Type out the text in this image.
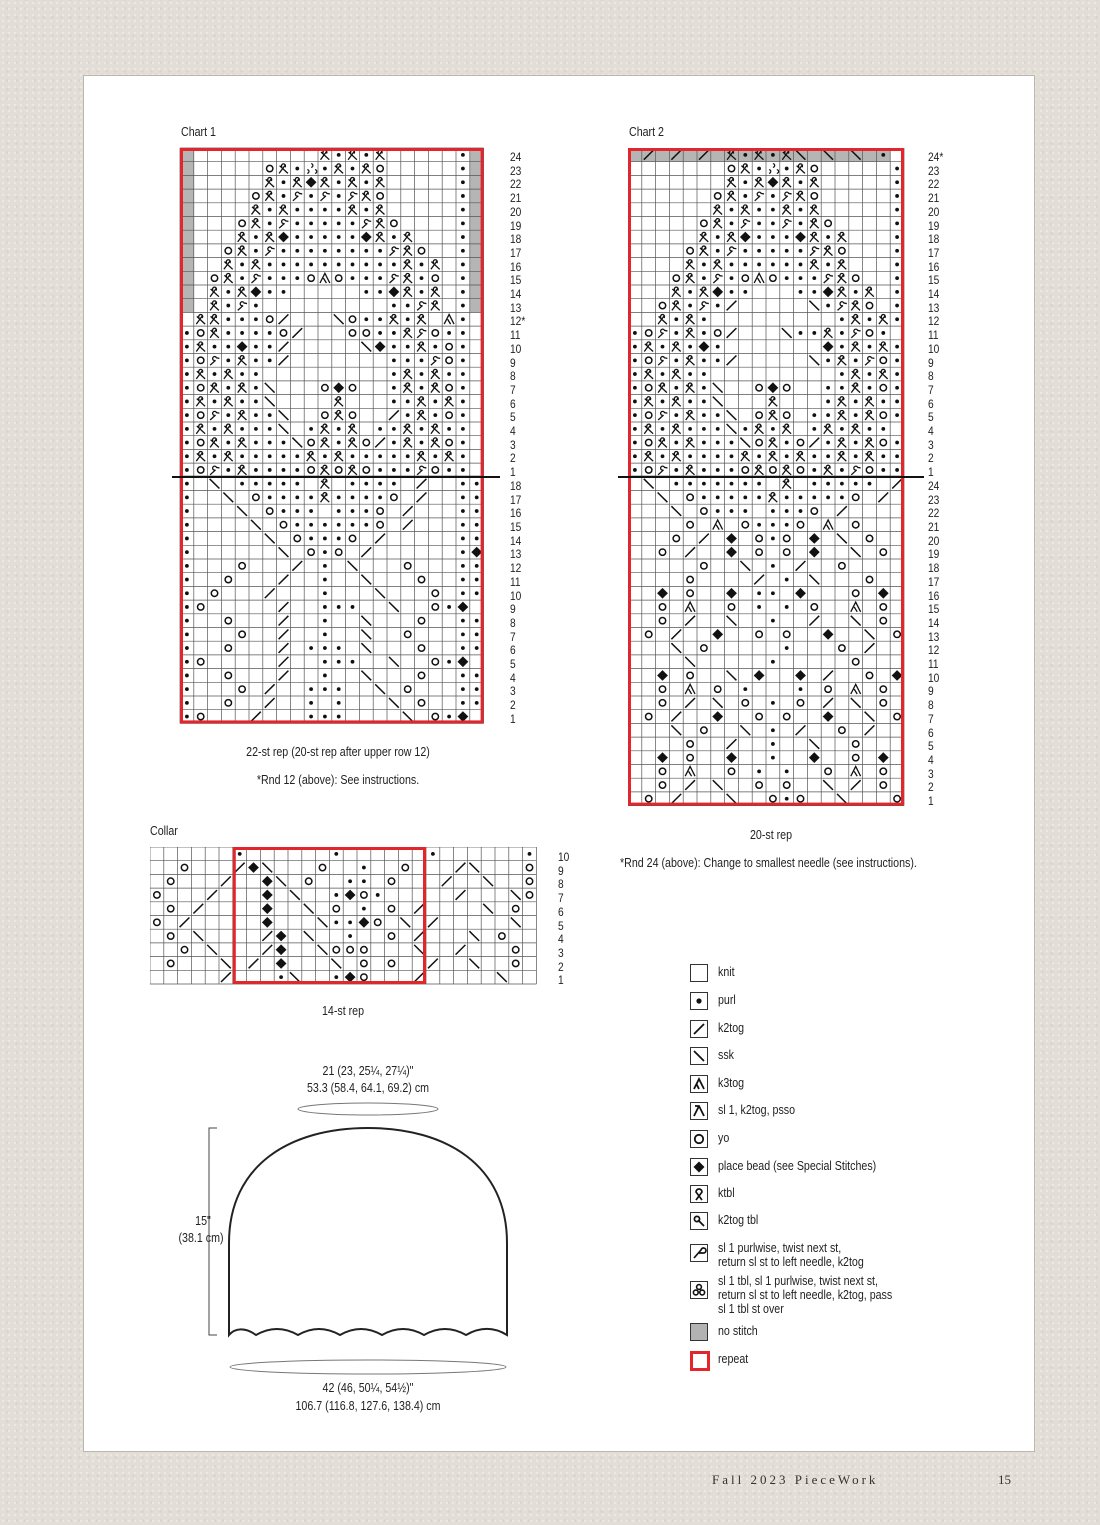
Chart 1
24
23
22
21
20
19
18
17
16
15
14
13
12*
11
10
9
8
7
6
5
4
3
2
1
18
17
16
15
14
13
12
11
10
9
8
7
6
5
4
3
2
1
22-st rep (20-st rep after upper row 12)
*Rnd 12 (above): See instructions.
Chart 2
24*
23
22
21
20
19
18
17
16
15
14
13
12
11
10
9
8
7
6
5
4
3
2
1
24
23
22
21
20
19
18
17
16
15
14
13
12
11
10
9
8
7
6
5
4
3
2
1
20-st rep
*Rnd 24 (above): Change to smallest needle (see instructions).
Collar
10
9
8
7
6
5
4
3
2
1
14-st rep
21 (23, 25¼, 27¼)"
53.3 (58.4, 64.1, 69.2) cm
15"
(38.1 cm)
42 (46, 50¼, 54½)"
106.7 (116.8, 127.6, 138.4) cm
knit
purl
k2tog
ssk
k3tog
sl 1, k2tog, psso
yo
place bead (see Special Stitches)
ktbl
k2tog tbl
sl 1 purlwise, twist next st,
return sl st to left needle, k2tog
sl 1 tbl, sl 1 purlwise, twist next st,
return sl st to left needle, k2tog, pass
sl 1 tbl st over
no stitch
repeat
Fall 2023 PieceWork	15
